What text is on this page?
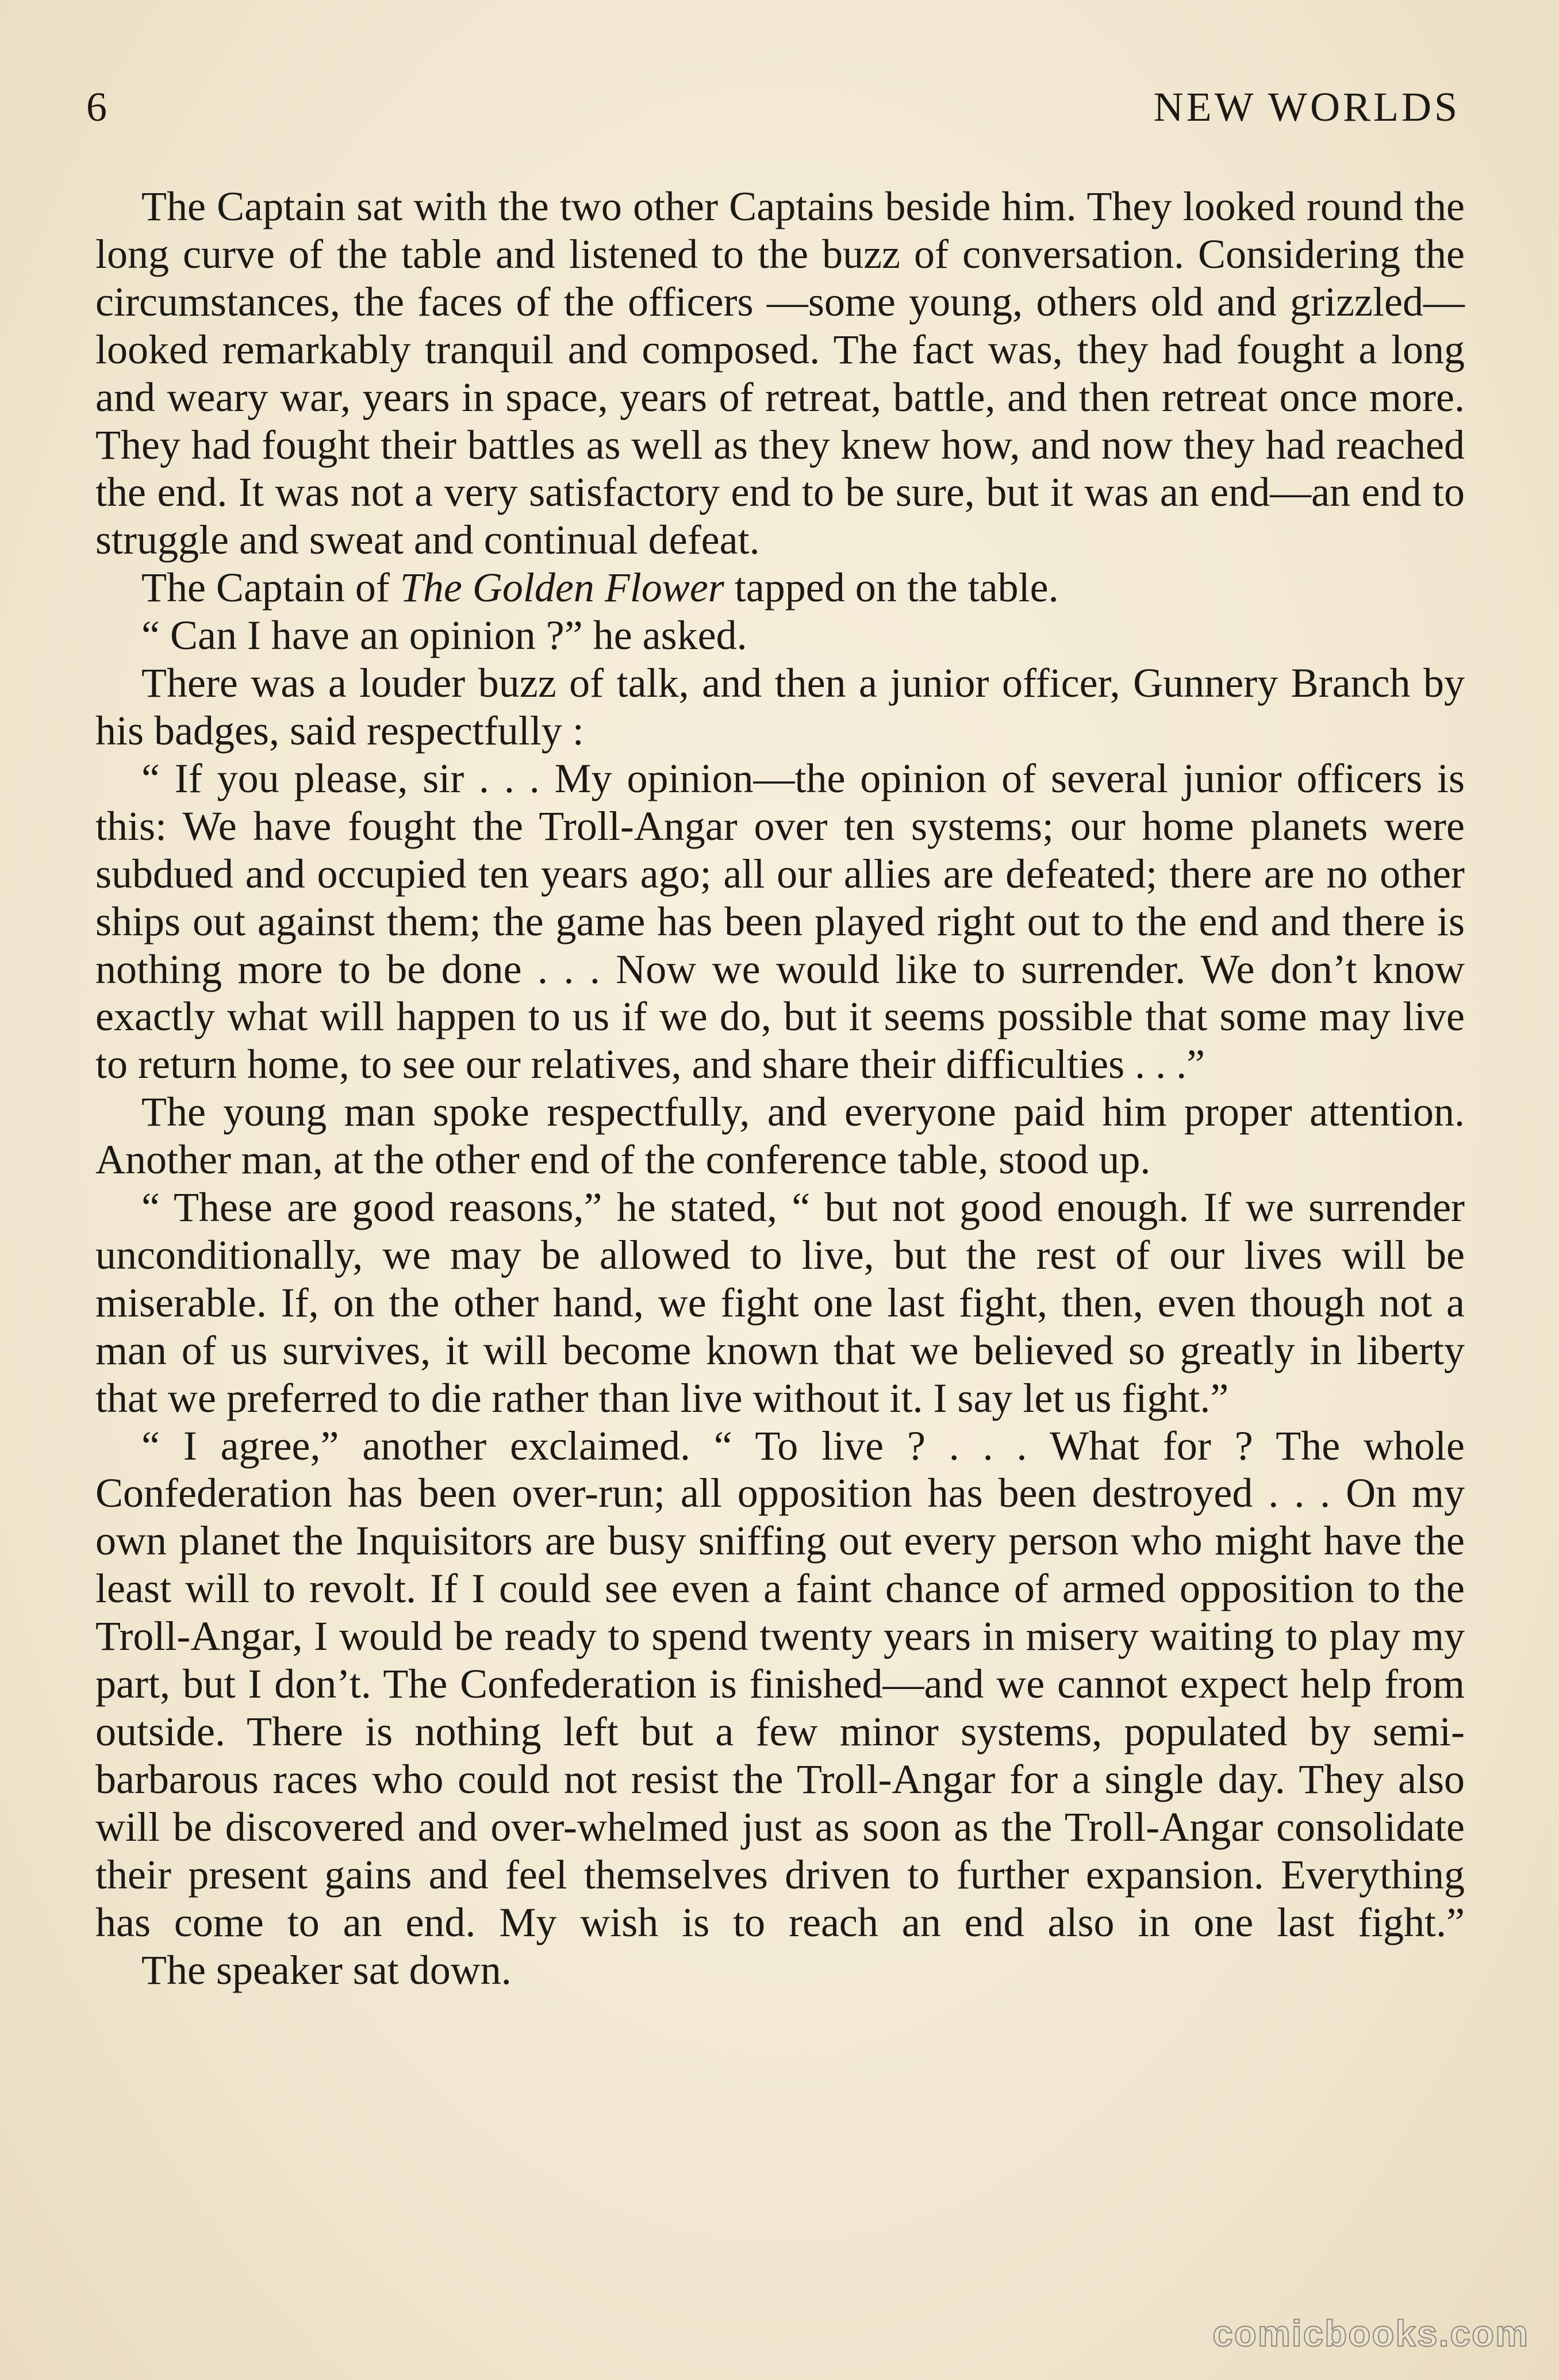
6	NEW WORLDS

The Captain sat with the two other Captains beside him. They looked round the long curve of the table and listened to the buzz of conversation. Considering the circumstances, the faces of the officers —some young, others old and grizzled—looked remarkably tranquil and composed. The fact was, they had fought a long and weary war, years in space, years of retreat, battle, and then retreat once more. They had fought their battles as well as they knew how, and now they had reached the end. It was not a very satisfactory end to be sure, but it was an end—an end to struggle and sweat and continual defeat.

The Captain of The Golden Flower tapped on the table.

“ Can I have an opinion ?” he asked.

There was a louder buzz of talk, and then a junior officer, Gunnery Branch by his badges, said respectfully :

“ If you please, sir . . . My opinion—the opinion of several junior officers is this: We have fought the Troll-Angar over ten systems; our home planets were subdued and occupied ten years ago; all our allies are defeated; there are no other ships out against them; the game has been played right out to the end and there is nothing more to be done . . . Now we would like to surrender. We don’t know exactly what will happen to us if we do, but it seems possible that some may live to return home, to see our relatives, and share their difficulties . . .”

The young man spoke respectfully, and everyone paid him proper attention. Another man, at the other end of the conference table, stood up.

“ These are good reasons,” he stated, “ but not good enough. If we surrender unconditionally, we may be allowed to live, but the rest of our lives will be miserable. If, on the other hand, we fight one last fight, then, even though not a man of us survives, it will become known that we believed so greatly in liberty that we preferred to die rather than live without it. I say let us fight.”

“ I agree,” another exclaimed. “ To live ? . . . What for ? The whole Confederation has been over-run; all opposition has been destroyed . . . On my own planet the Inquisitors are busy sniffing out every person who might have the least will to revolt. If I could see even a faint chance of armed opposition to the Troll-Angar, I would be ready to spend twenty years in misery waiting to play my part, but I don’t. The Confederation is finished—and we cannot expect help from outside. There is nothing left but a few minor systems, populated by semi-barbarous races who could not resist the Troll-Angar for a single day. They also will be discovered and over-whelmed just as soon as the Troll-Angar consolidate their present gains and feel themselves driven to further expansion. Everything has come to an end. My wish is to reach an end also in one last fight.”

The speaker sat down.

comicbooks.com
